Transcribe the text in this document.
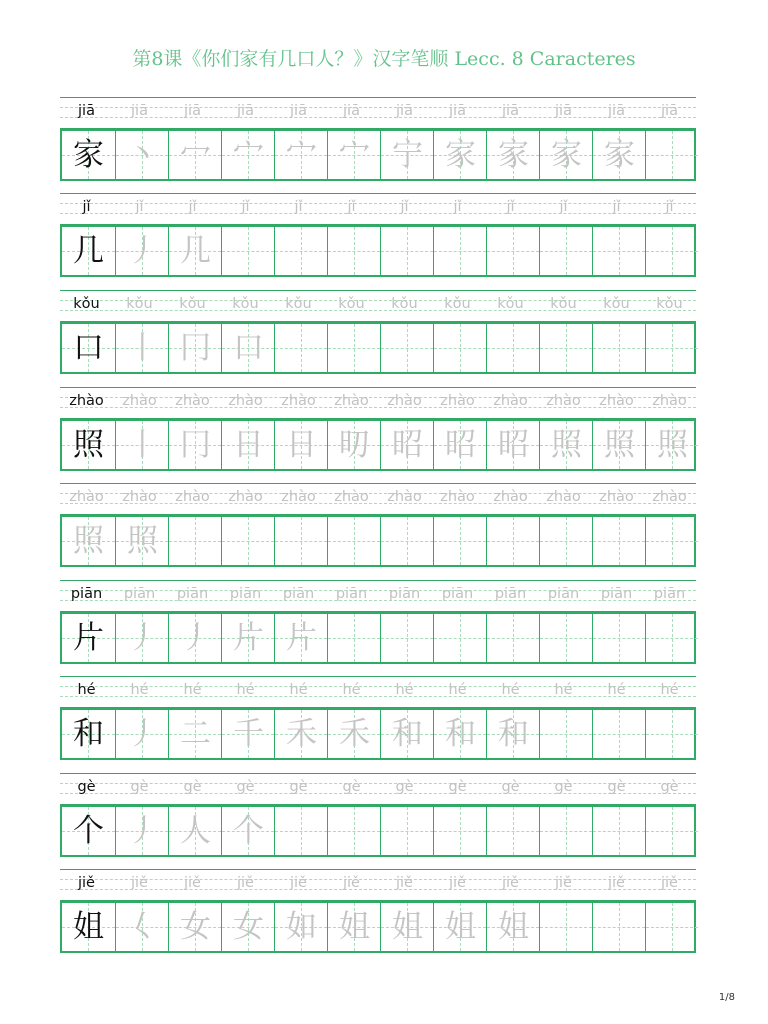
第8课《你们家有几口人？》汉字笔顺 Lecc. 8 Caracteres
jiā	jiā	jiā	jiā	jiā	jiā	jiā	jiā	jiā	jiā	jiā	jiā
家 丶 冖 宀 宀 宀 宁 家 家 家 家
jǐ	jǐ	jǐ	jǐ	jǐ	jǐ	jǐ	jǐ	jǐ	jǐ	jǐ	jǐ
几 丿 几
kǒu	kǒu	kǒu	kǒu	kǒu	kǒu	kǒu	kǒu	kǒu	kǒu	kǒu	kǒu
口 丨 冂 口
zhào	zhào	zhào	zhào	zhào	zhào	zhào	zhào	zhào	zhào	zhào	zhào
照 丨 冂 日 日 旫 昭 昭 昭 照 照 照
zhào	zhào	zhào	zhào	zhào	zhào	zhào	zhào	zhào	zhào	zhào	zhào
照 照
piān	piān	piān	piān	piān	piān	piān	piān	piān	piān	piān	piān
片 丿 丿 片 片
hé	hé	hé	hé	hé	hé	hé	hé	hé	hé	hé	hé
和 丿 二 千 禾 禾 和 和 和
gè	gè	gè	gè	gè	gè	gè	gè	gè	gè	gè	gè
个 丿 人 个
jiě	jiě	jiě	jiě	jiě	jiě	jiě	jiě	jiě	jiě	jiě	jiě
姐 𡿨 女 女 如 姐 姐 姐 姐
1/8
